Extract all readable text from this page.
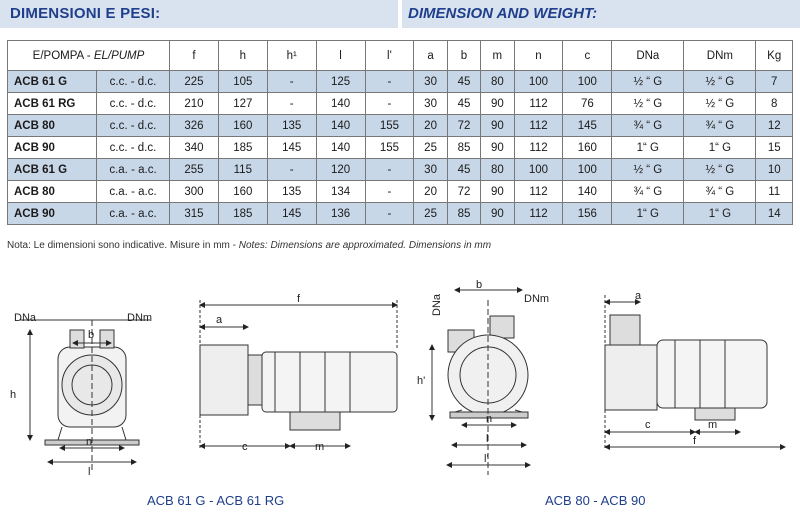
DIMENSIONI E PESI:	DIMENSION AND WEIGHT:
E/POMPA - EL/PUMP		f	h	h¹	l	l'	a	b	m	n	c	DNa	DNm	Kg
ACB 61 G	c.c. - d.c.	225	105	-	125	-	30	45	80	100	100	½ “ G	½ “ G	7
ACB 61 RG	c.c. - d.c.	210	127	-	140	-	30	45	90	112	76	½ “ G	½ “ G	8
ACB 80	c.c. - d.c.	326	160	135	140	155	20	72	90	112	145	¾ “ G	¾ “ G	12
ACB 90	c.c. - d.c.	340	185	145	140	155	25	85	90	112	160	1“ G	1“ G	15
ACB 61 G	c.a. - a.c.	255	115	-	120	-	30	45	80	100	100	½ “ G	½ “ G	10
ACB 80	c.a. - a.c.	300	160	135	134	-	20	72	90	112	140	¾ “ G	¾ “ G	11
ACB 90	c.a. - a.c.	315	185	145	136	-	25	85	90	112	156	1“ G	1“ G	14
Nota: Le dimensioni sono indicative. Misure in mm - Notes: Dimensions are approximated. Dimensions in mm
DNa	DNm
b
h
n
l
f
a
c	m
DNa
b
DNm
h'
n
l
l'
a
c	m
f
ACB 61 G - ACB 61 RG	ACB 80 - ACB 90
